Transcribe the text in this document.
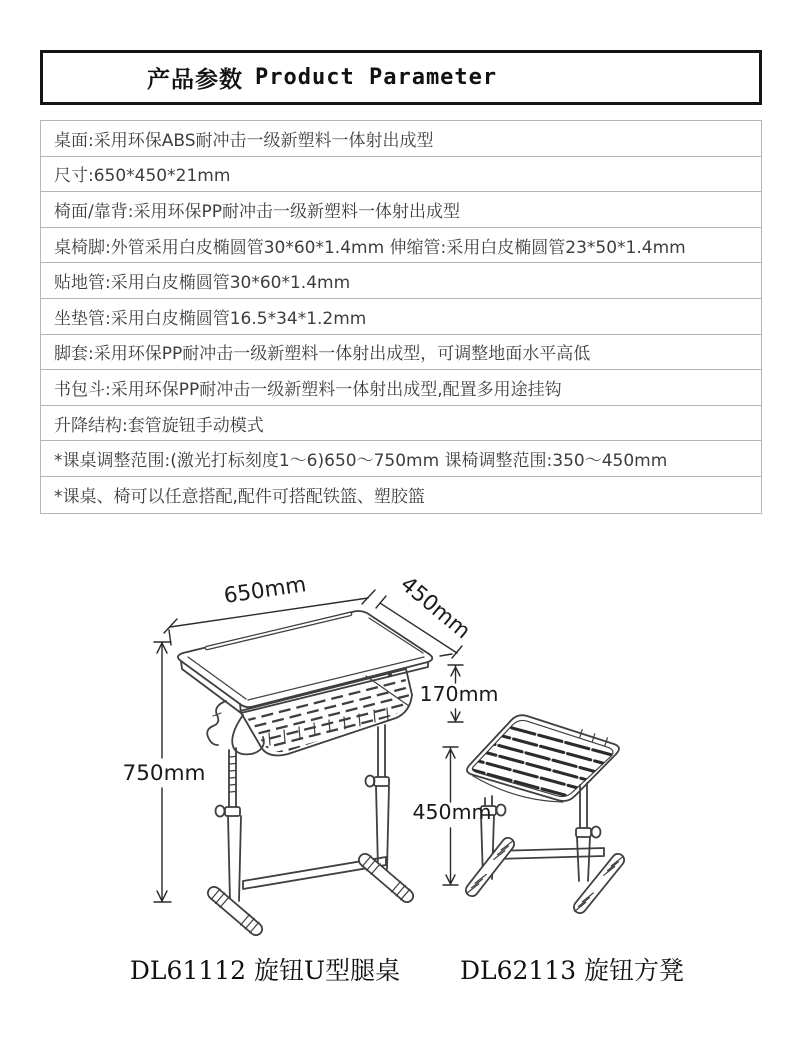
产品参数 Product Parameter
桌面:采用环保ABS耐冲击一级新塑料一体射出成型
尺寸:650*450*21mm
椅面/靠背:采用环保PP耐冲击一级新塑料一体射出成型
桌椅脚:外管采用白皮椭圆管30*60*1.4mm 伸缩管:采用白皮椭圆管23*50*1.4mm
贴地管:采用白皮椭圆管30*60*1.4mm
坐垫管:采用白皮椭圆管16.5*34*1.2mm
脚套:采用环保PP耐冲击一级新塑料一体射出成型，可调整地面水平高低
书包斗:采用环保PP耐冲击一级新塑料一体射出成型,配置多用途挂钩
升降结构:套管旋钮手动模式
*课桌调整范围:(激光打标刻度1～6)650～750mm 课椅调整范围:350～450mm
*课桌、椅可以任意搭配,配件可搭配铁篮、塑胶篮
650mm	450mm
750mm
170mm
450mm
DL61112 旋钮U型腿桌	DL62113 旋钮方凳
